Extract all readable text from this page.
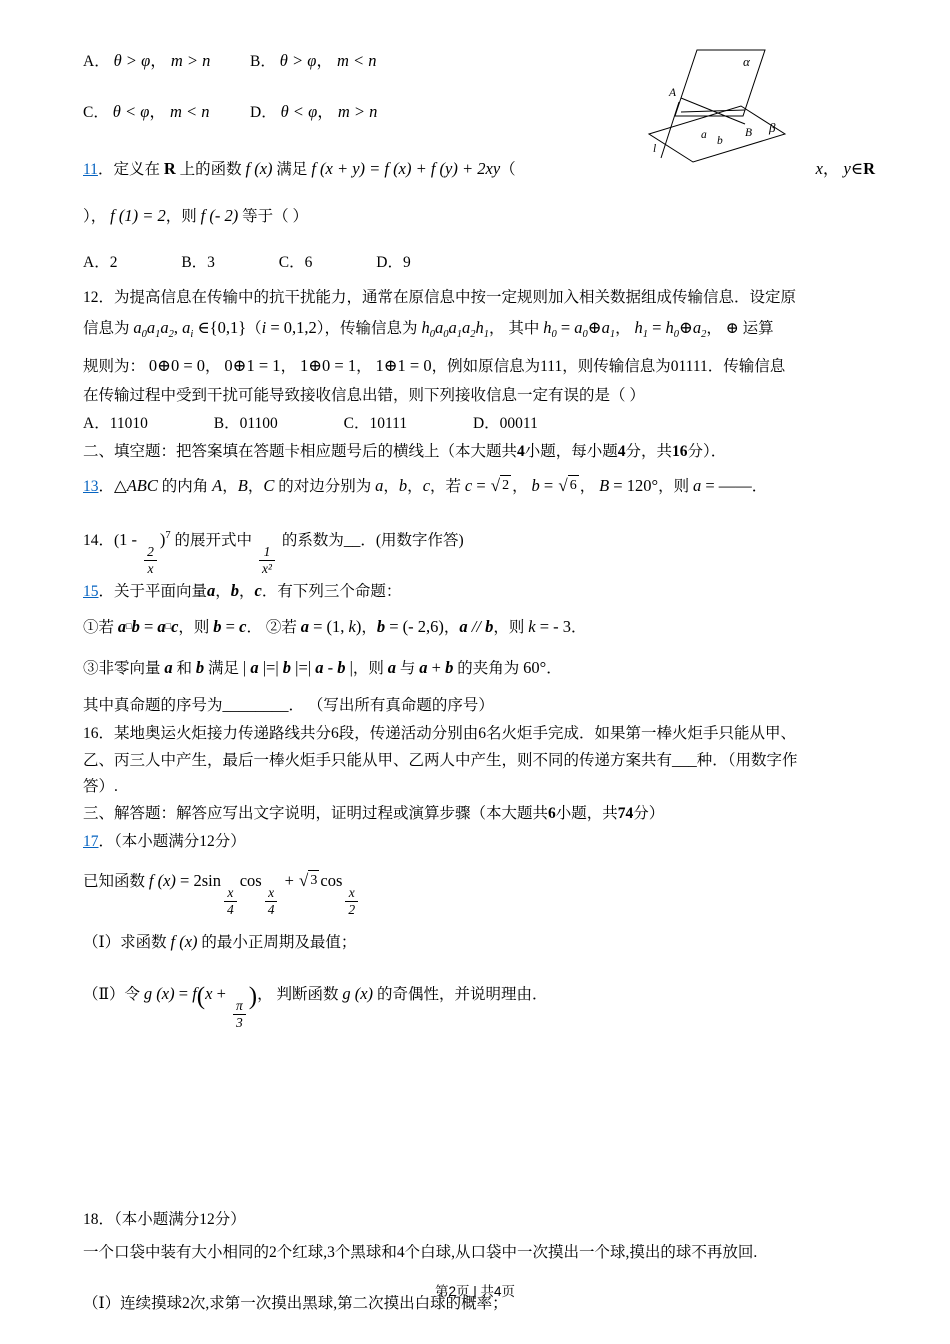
A． θ > φ， m > n	B． θ > φ， m < n
C． θ < φ， m < n	D． θ < φ， m > n
11．定义在 R 上的函数 f (x) 满足 f (x + y) = f (x) + f (y) + 2xy（	x， y∈R
）， f (1) = 2，则 f (- 2) 等于（ ）
A．2	B．3	C．6	D．9
12．为提高信息在传输中的抗干扰能力，通常在原信息中按一定规则加入相关数据组成传输信息．设定原
信息为 $a_0a_1a_2$, $a_i$ ∈{0,1}（i = 0,1,2），传输信息为 $h_0a_0a_1a_2h_1$， 其中 $h_0$ = $a_0\oplus a_1$， $h_1$ = $h_0\oplus a_2$， ⊕ 运算
规则为： 0⊕0 = 0， 0⊕1 = 1， 1⊕0 = 1， 1⊕1 = 0，例如原信息为111，则传输信息为01111．传输信息
在传输过程中受到干扰可能导致接收信息出错，则下列接收信息一定有误的是（ ）
A．11010	B．01100	C．10111	D．00011
二、填空题：把答案填在答题卡相应题号后的横线上（本大题共4小题，每小题4分，共16分）．
13．△ABC 的内角 A，B，C 的对边分别为 a，b，c，若 c = √ 2 ， b = √ 6 ， B = 120°，则 a = ——．
14．(1 -
$\frac{2}{x}$
)$^7$ 的展开式中
$\frac{1}{\text{x²}}$
的系数为__．(用数字作答)
15．关于平面向量a，b，c．有下列三个命题：
①若 a□b = a□c，则 b = c． ②若 a = (1, k)，b = (- 2,6)，a // b，则 k = - 3．
③非零向量 a 和 b 满足 | a |=| b |=| a - b |，则 a 与 a + b 的夹角为 60°．
其中真命题的序号为________． （写出所有真命题的序号）
16．某地奥运火炬接力传递路线共分6段，传递活动分别由6名火炬手完成．如果第一棒火炬手只能从甲、
乙、丙三人中产生，最后一棒火炬手只能从甲、乙两人中产生，则不同的传递方案共有___种．（用数字作
答）.
三、解答题：解答应写出文字说明，证明过程或演算步骤（本大题共6小题，共74分）
17．（本小题满分12分）
已知函数 f (x) = 2sin
$\frac{x}{4}$
cos
$\frac{x}{4}$
+ √ 3 cos
$\frac{x}{2}$
（Ⅰ）求函数 f (x) 的最小正周期及最值；
（Ⅱ）令 g (x) = f(x +
$\frac{\pi}{3}$
)， 判断函数 g (x) 的奇偶性，并说明理由．
18．（本小题满分12分）
一个口袋中装有大小相同的2个红球,3个黑球和4个白球,从口袋中一次摸出一个球,摸出的球不再放回.
（Ⅰ）连续摸球2次,求第一次摸出黑球,第二次摸出白球的概率；
α
β
A
B
a b
l
第2页 | 共4页
